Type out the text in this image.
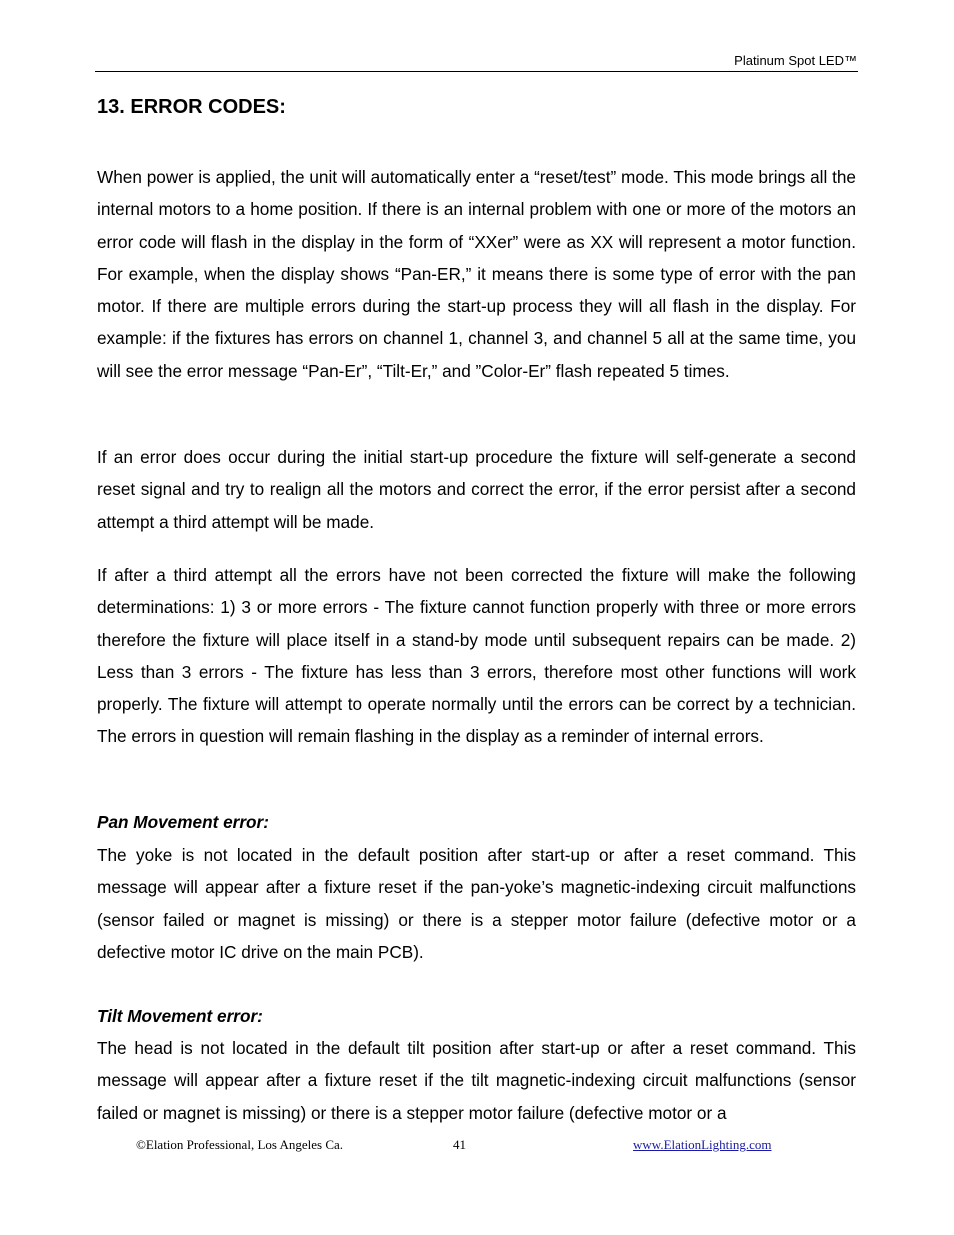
Platinum Spot LED™
13. ERROR CODES:

When power is applied, the unit will automatically enter a “reset/test” mode. This mode brings all the internal motors to a home position. If there is an internal problem with one or more of the motors an error code will flash in the display in the form of “XXer” were as XX will represent a motor function. For example, when the display shows “Pan-ER,” it means there is some type of error with the pan motor. If there are multiple errors during the start-up process they will all flash in the display. For example: if the fixtures has errors on channel 1, channel 3, and channel 5 all at the same time, you will see the error message “Pan-Er”, “Tilt-Er,” and ”Color-Er” flash repeated 5 times.

If an error does occur during the initial start-up procedure the fixture will self-generate a second reset signal and try to realign all the motors and correct the error, if the error persist after a second attempt a third attempt will be made.

If after a third attempt all the errors have not been corrected the fixture will make the following determinations: 1) 3 or more errors - The fixture cannot function properly with three or more errors therefore the fixture will place itself in a stand-by mode until subsequent repairs can be made. 2) Less than 3 errors - The fixture has less than 3 errors, therefore most other functions will work properly. The fixture will attempt to operate normally until the errors can be correct by a technician. The errors in question will remain flashing in the display as a reminder of internal errors.

Pan Movement error:

The yoke is not located in the default position after start-up or after a reset command. This message will appear after a fixture reset if the pan-yoke’s magnetic-indexing circuit malfunctions (sensor failed or magnet is missing) or there is a stepper motor failure (defective motor or a defective motor IC drive on the main PCB).

Tilt Movement error:

The head is not located in the default tilt position after start-up or after a reset command. This message will appear after a fixture reset if the tilt magnetic-indexing circuit malfunctions (sensor failed or magnet is missing) or there is a stepper motor failure (defective motor or a

©Elation Professional, Los Angeles Ca.	41	www.ElationLighting.com
